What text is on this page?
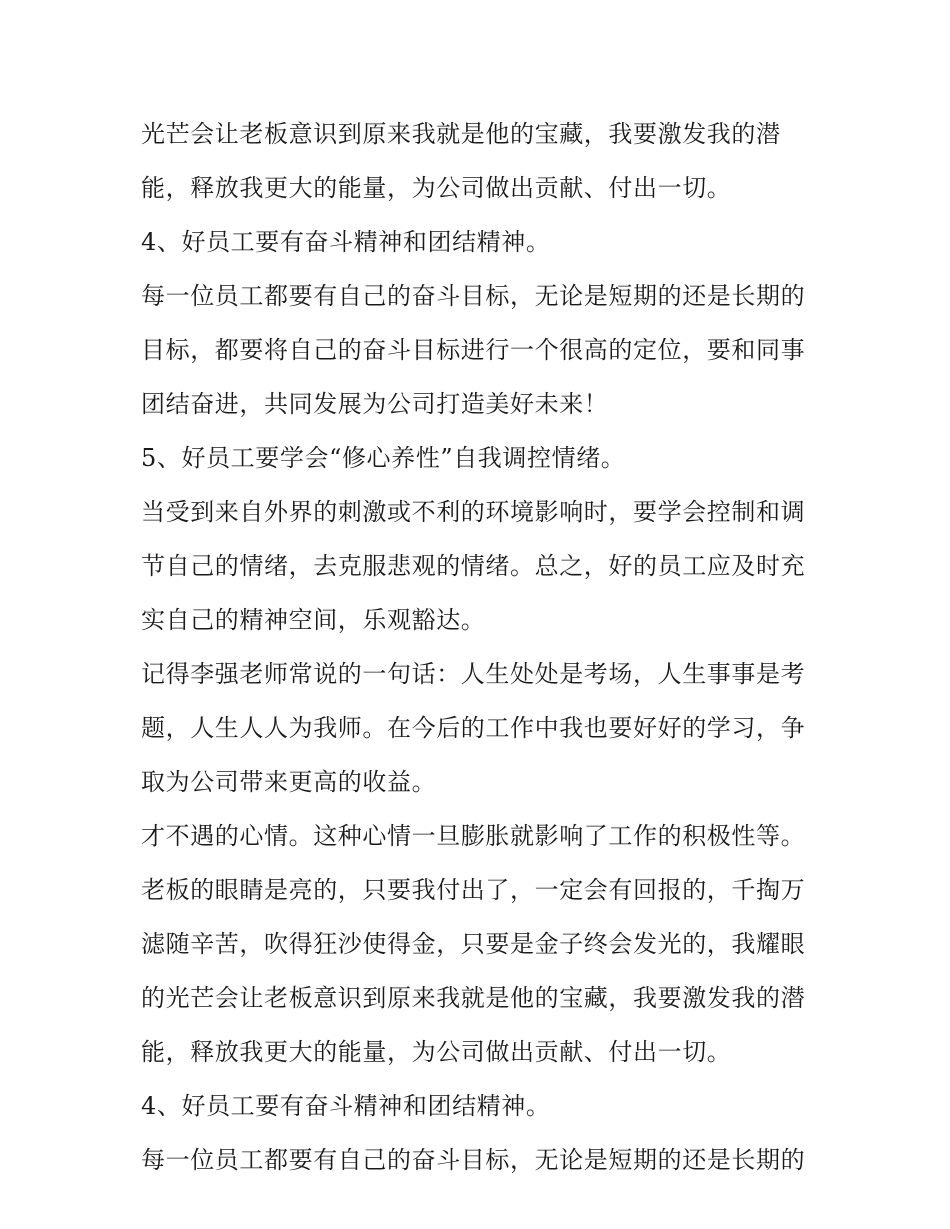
光芒会让老板意识到原来我就是他的宝藏，我要激发我的潜
能，释放我更大的能量，为公司做出贡献、付出一切。
4、好员工要有奋斗精神和团结精神。
每一位员工都要有自己的奋斗目标，无论是短期的还是长期的
目标，都要将自己的奋斗目标进行一个很高的定位，要和同事
团结奋进，共同发展为公司打造美好未来！
5、好员工要学会“修心养性”自我调控情绪。
当受到来自外界的刺激或不利的环境影响时，要学会控制和调
节自己的情绪，去克服悲观的情绪。总之，好的员工应及时充
实自己的精神空间，乐观豁达。
记得李强老师常说的一句话：人生处处是考场，人生事事是考
题，人生人人为我师。在今后的工作中我也要好好的学习，争
取为公司带来更高的收益。
才不遇的心情。这种心情一旦膨胀就影响了工作的积极性等。
老板的眼睛是亮的，只要我付出了，一定会有回报的，千掏万
滤随辛苦，吹得狂沙使得金，只要是金子终会发光的，我耀眼
的光芒会让老板意识到原来我就是他的宝藏，我要激发我的潜
能，释放我更大的能量，为公司做出贡献、付出一切。
4、好员工要有奋斗精神和团结精神。
每一位员工都要有自己的奋斗目标，无论是短期的还是长期的
